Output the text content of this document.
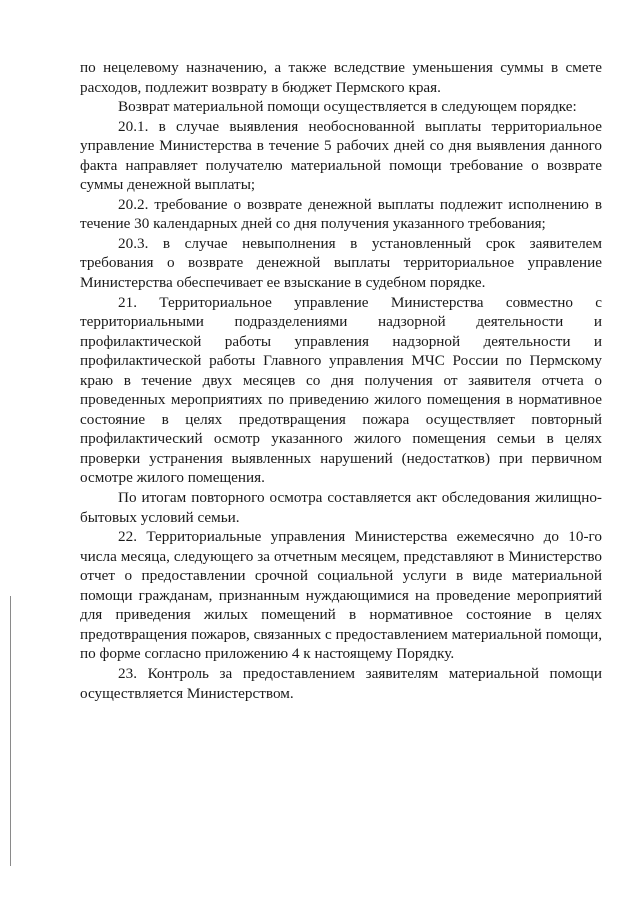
по нецелевому назначению, а также вследствие уменьшения суммы в смете расходов, подлежит возврату в бюджет Пермского края.

Возврат материальной помощи осуществляется в следующем порядке:

20.1. в случае выявления необоснованной выплаты территориальное управление Министерства в течение 5 рабочих дней со дня выявления данного факта направляет получателю материальной помощи требование о возврате суммы денежной выплаты;

20.2. требование о возврате денежной выплаты подлежит исполнению в течение 30 календарных дней со дня получения указанного требования;

20.3. в случае невыполнения в установленный срок заявителем требования о возврате денежной выплаты территориальное управление Министерства обеспечивает ее взыскание в судебном порядке.

21. Территориальное управление Министерства совместно с территориальными подразделениями надзорной деятельности и профилактической работы управления надзорной деятельности и профилактической работы Главного управления МЧС России по Пермскому краю в течение двух месяцев со дня получения от заявителя отчета о проведенных мероприятиях по приведению жилого помещения в нормативное состояние в целях предотвращения пожара осуществляет повторный профилактический осмотр указанного жилого помещения семьи в целях проверки устранения выявленных нарушений (недостатков) при первичном осмотре жилого помещения.

По итогам повторного осмотра составляется акт обследования жилищно-бытовых условий семьи.

22. Территориальные управления Министерства ежемесячно до 10-го числа месяца, следующего за отчетным месяцем, представляют в Министерство отчет о предоставлении срочной социальной услуги в виде материальной помощи гражданам, признанным нуждающимися на проведение мероприятий для приведения жилых помещений в нормативное состояние в целях предотвращения пожаров, связанных с предоставлением материальной помощи, по форме согласно приложению 4 к настоящему Порядку.

23. Контроль за предоставлением заявителям материальной помощи осуществляется Министерством.
